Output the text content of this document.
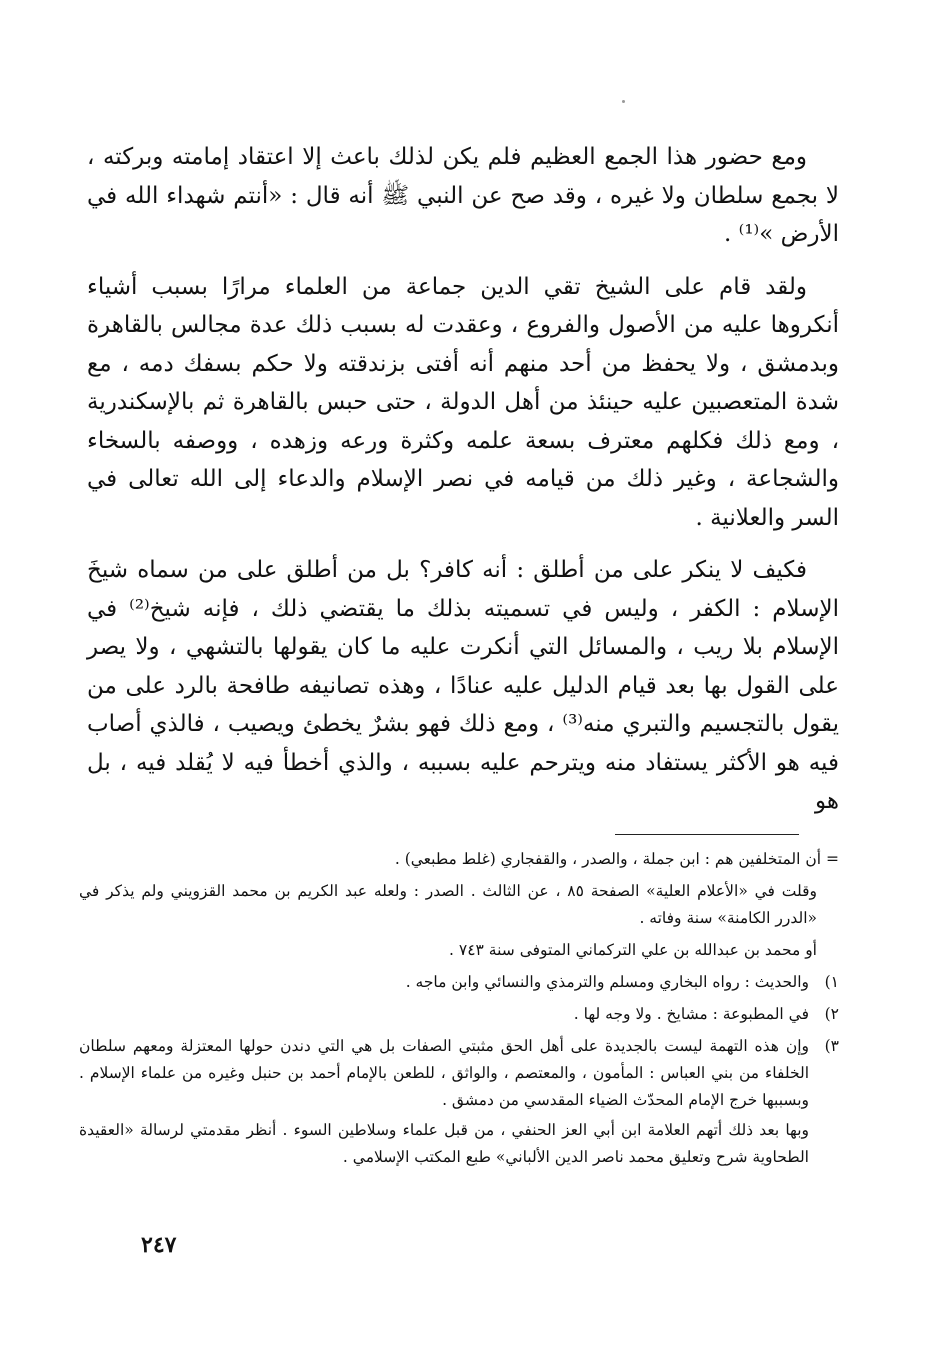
ومع حضور هذا الجمع العظيم فلم يكن لذلك باعث إلا اعتقاد إمامته وبركته ، لا بجمع سلطان ولا غيره ، وقد صح عن النبي ﷺ أنه قال : «أنتم شهداء الله في الأرض »⁽¹⁾ .

ولقد قام على الشيخ تقي الدين جماعة من العلماء مرارًا بسبب أشياء أنكروها عليه من الأصول والفروع ، وعقدت له بسبب ذلك عدة مجالس بالقاهرة وبدمشق ، ولا يحفظ من أحد منهم أنه أفتى بزندقته ولا حكم بسفك دمه ، مع شدة المتعصبين عليه حينئذ من أهل الدولة ، حتى حبس بالقاهرة ثم بالإسكندرية ، ومع ذلك فكلهم معترف بسعة علمه وكثرة ورعه وزهده ، ووصفه بالسخاء والشجاعة ، وغير ذلك من قيامه في نصر الإسلام والدعاء إلى الله تعالى في السر والعلانية .

فكيف لا ينكر على من أطلق : أنه كافر؟ بل من أطلق على من سماه شيخَ الإسلام : الكفر ، وليس في تسميته بذلك ما يقتضي ذلك ، فإنه شيخ⁽²⁾ في الإسلام بلا ريب ، والمسائل التي أنكرت عليه ما كان يقولها بالتشهي ، ولا يصر على القول بها بعد قيام الدليل عليه عنادًا ، وهذه تصانيفه طافحة بالرد على من يقول بالتجسيم والتبري منه⁽³⁾ ، ومع ذلك فهو بشرٌ يخطئ ويصيب ، فالذي أصاب فيه هو الأكثر يستفاد منه ويترحم عليه بسببه ، والذي أخطأ فيه لا يُقلد فيه ، بل هو

= أن المتخلفين هم : ابن جملة ، والصدر ، والقفجاري (غلط مطبعي) .
وقلت في «الأعلام العلية» الصفحة ٨٥ ، عن الثالث . الصدر : ولعله عبد الكريم بن محمد القزويني ولم يذكر في «الدرر الكامنة» سنة وفاته .
أو محمد بن عبدالله بن علي التركماني المتوفى سنة ٧٤٣ .
١)
والحديث : رواه البخاري ومسلم والترمذي والنسائي وابن ماجه .
٢)
في المطبوعة : مشايخ . ولا وجه لها .
٣)

وإن هذه التهمة ليست بالجديدة على أهل الحق مثبتي الصفات بل هي التي دندن حولها المعتزلة ومعهم سلطان الخلفاء من بني العباس : المأمون ، والمعتصم ، والواثق ، للطعن بالإمام أحمد بن حنبل وغيره من علماء الإسلام . وبسببها خرج الإمام المحدّث الضياء المقدسي من دمشق .

وبها بعد ذلك أتهم العلامة ابن أبي العز الحنفي ، من قبل علماء وسلاطين السوء . أنظر مقدمتي لرسالة «العقيدة الطحاوية شرح وتعليق محمد ناصر الدين الألباني» طبع المكتب الإسلامي .

٢٤٧
